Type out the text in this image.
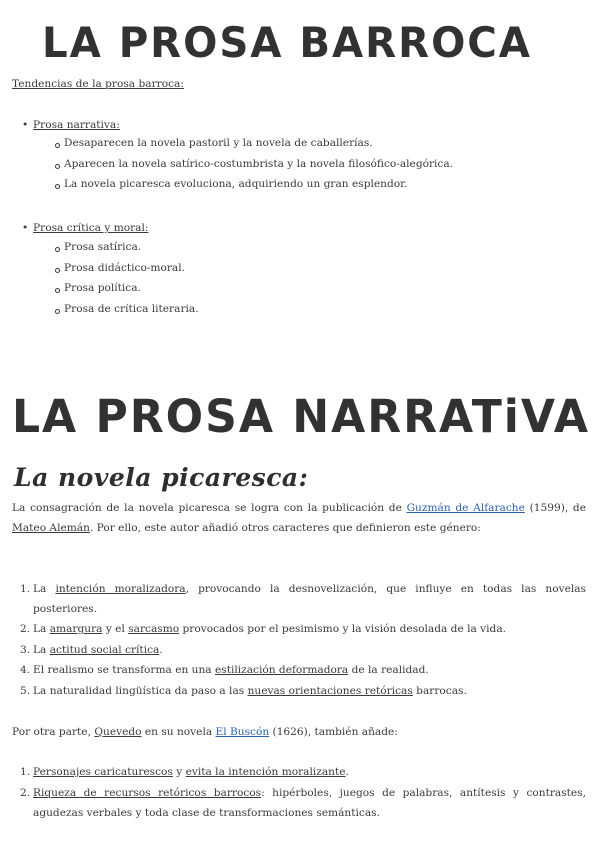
LA PROSA BARROCA
Tendencias de la prosa barroca:
• Prosa narrativa:
Desaparecen la novela pastoril y la novela de caballerías.
Aparecen la novela satírico-costumbrista y la novela filosófico-alegórica.
La novela picaresca evoluciona, adquiriendo un gran esplendor.
• Prosa crítica y moral:
Prosa satírica.
Prosa didáctico-moral.
Prosa política.
Prosa de crítica literaria.
LA PROSA NARRATiVA
La novela picaresca:

La consagración de la novela picaresca se logra con la publicación de Guzmán de Alfarache (1599), de Mateo Alemán. Por ello, este autor añadió otros caracteres que definieron este género:

1. La intención moralizadora, provocando la desnovelización, que influye en todas las novelas posteriores.
2. La amargura y el sarcasmo provocados por el pesimismo y la visión desolada de la vida.
3. La actitud social crítica.
4. El realismo se transforma en una estilización deformadora de la realidad.
5. La naturalidad lingüística da paso a las nuevas orientaciones retóricas barrocas.

Por otra parte, Quevedo en su novela El Buscón (1626), también añade:

1. Personajes caricaturescos y evita la intención moralizante.
2. Riqueza de recursos retóricos barrocos: hipérboles, juegos de palabras, antítesis y contrastes, agudezas verbales y toda clase de transformaciones semánticas.
